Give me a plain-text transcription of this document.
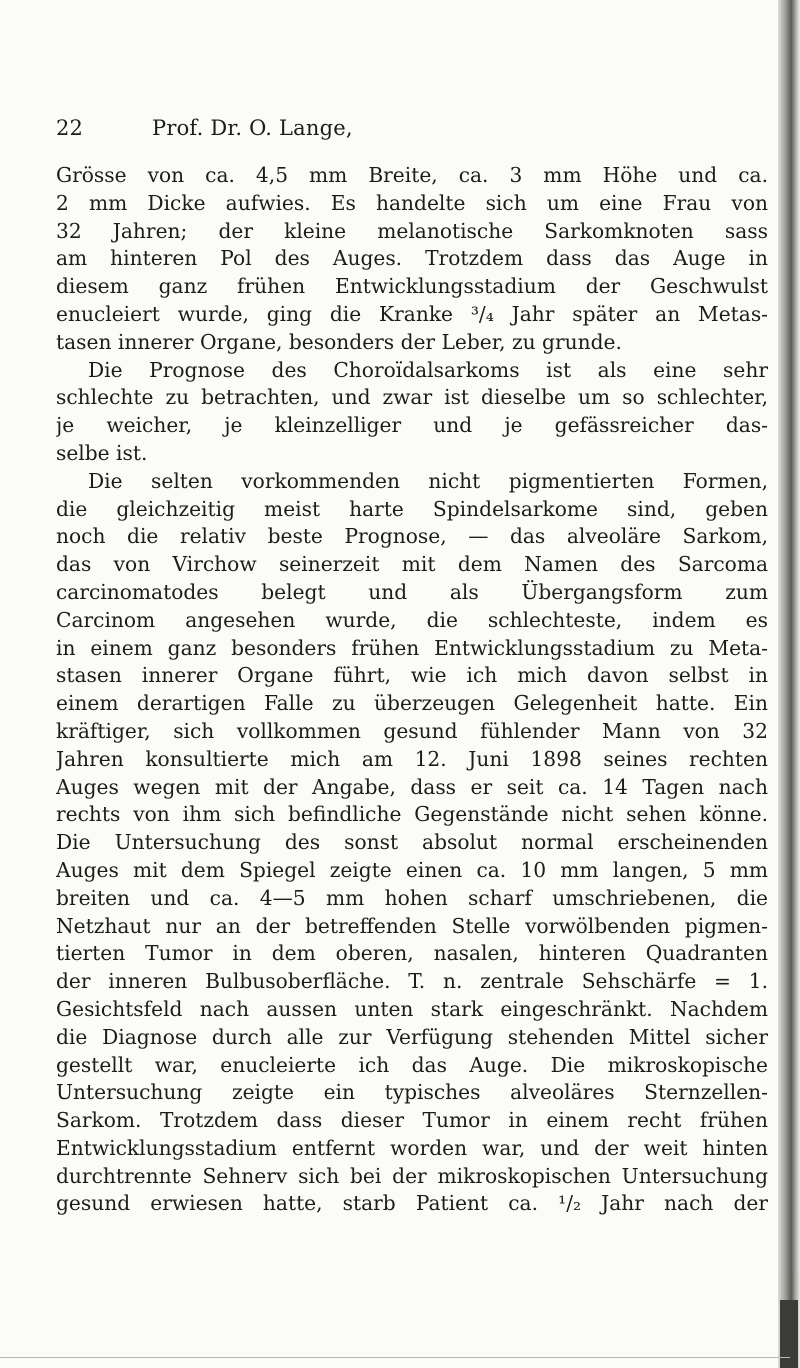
22	Prof. Dr. O. Lange,
Grösse von ca. 4,5 mm Breite, ca. 3 mm Höhe und ca.
2 mm Dicke aufwies. Es handelte sich um eine Frau von
32 Jahren; der kleine melanotische Sarkomknoten sass
am hinteren Pol des Auges. Trotzdem dass das Auge in
diesem ganz frühen Entwicklungsstadium der Geschwulst
enucleiert wurde, ging die Kranke ³/₄ Jahr später an Metas-
tasen innerer Organe, besonders der Leber, zu grunde.
Die Prognose des Choroïdalsarkoms ist als eine sehr
schlechte zu betrachten, und zwar ist dieselbe um so schlechter,
je weicher, je kleinzelliger und je gefässreicher das-
selbe ist.
Die selten vorkommenden nicht pigmentierten Formen,
die gleichzeitig meist harte Spindelsarkome sind, geben
noch die relativ beste Prognose, — das alveoläre Sarkom,
das von Virchow seinerzeit mit dem Namen des Sarcoma
carcinomatodes belegt und als Übergangsform zum
Carcinom angesehen wurde, die schlechteste, indem es
in einem ganz besonders frühen Entwicklungsstadium zu Meta-
stasen innerer Organe führt, wie ich mich davon selbst in
einem derartigen Falle zu überzeugen Gelegenheit hatte. Ein
kräftiger, sich vollkommen gesund fühlender Mann von 32
Jahren konsultierte mich am 12. Juni 1898 seines rechten
Auges wegen mit der Angabe, dass er seit ca. 14 Tagen nach
rechts von ihm sich befindliche Gegenstände nicht sehen könne.
Die Untersuchung des sonst absolut normal erscheinenden
Auges mit dem Spiegel zeigte einen ca. 10 mm langen, 5 mm
breiten und ca. 4—5 mm hohen scharf umschriebenen, die
Netzhaut nur an der betreffenden Stelle vorwölbenden pigmen-
tierten Tumor in dem oberen, nasalen, hinteren Quadranten
der inneren Bulbusoberfläche. T. n. zentrale Sehschärfe = 1.
Gesichtsfeld nach aussen unten stark eingeschränkt. Nachdem
die Diagnose durch alle zur Verfügung stehenden Mittel sicher
gestellt war, enucleierte ich das Auge. Die mikroskopische
Untersuchung zeigte ein typisches alveoläres Sternzellen-
Sarkom. Trotzdem dass dieser Tumor in einem recht frühen
Entwicklungsstadium entfernt worden war, und der weit hinten
durchtrennte Sehnerv sich bei der mikroskopischen Untersuchung
gesund erwiesen hatte, starb Patient ca. ¹/₂ Jahr nach der
